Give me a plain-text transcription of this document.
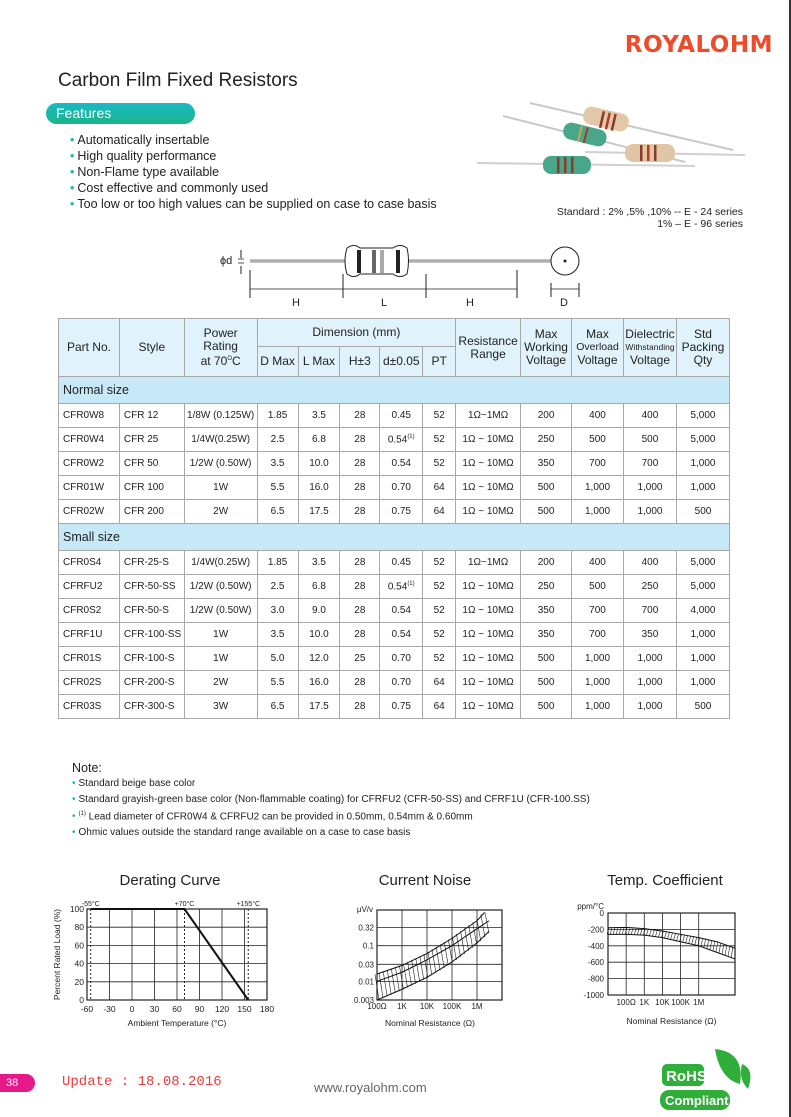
ROYALOHM
Carbon Film Fixed Resistors
Features
• Automatically insertable
• High quality performance
• Non-Flame type available
• Cost effective and commonly used
• Too low or too high values can be supplied on case to case basis
Standard : 2% ,5% ,10% -- E - 24 series
1% – E - 96 series
ϕd
H	L	H	D
Part No.	Style	
Power
Rating
at $70^OC$
	Dimension (mm)	
Resistance
Range

Max
Working
Voltage

Max
Overload
Voltage

Dielectric
Withstanding
Voltage

Std
Packing
Qty

			D Max	L Max	H±3	d±0.05	PT					
Normal size												
CFR0W8	CFR 12	1/8W (0.125W)	1.85	3.5	28	0.45	52	1Ω~1MΩ	200	400	400	5,000
CFR0W4	CFR 25	1/4W(0.25W)	2.5	6.8	28	0.54$^{(1)}$	52	1Ω ~ 10MΩ	250	500	500	5,000
CFR0W2	CFR 50	1/2W (0.50W)	3.5	10.0	28	0.54	52	1Ω ~ 10MΩ	350	700	700	1,000
CFR01W	CFR 100	1W	5.5	16.0	28	0.70	64	1Ω ~ 10MΩ	500	1,000	1,000	1,000
CFR02W	CFR 200	2W	6.5	17.5	28	0.75	64	1Ω ~ 10MΩ	500	1,000	1,000	500
Small size												
CFR0S4	CFR-25-S	1/4W(0.25W)	1.85	3.5	28	0.45	52	1Ω~1MΩ	200	400	400	5,000
CFRFU2	CFR-50-SS	1/2W (0.50W)	2.5	6.8	28	0.54$^{(1)}$	52	1Ω ~ 10MΩ	250	500	250	5,000
CFR0S2	CFR-50-S	1/2W (0.50W)	3.0	9.0	28	0.54	52	1Ω ~ 10MΩ	350	700	700	4,000
CFRF1U	CFR-100-SS	1W	3.5	10.0	28	0.54	52	1Ω ~ 10MΩ	350	700	350	1,000
CFR01S	CFR-100-S	1W	5.0	12.0	25	0.70	52	1Ω ~ 10MΩ	500	1,000	1,000	1,000
CFR02S	CFR-200-S	2W	5.5	16.0	28	0.70	64	1Ω ~ 10MΩ	500	1,000	1,000	1,000
CFR03S	CFR-300-S	3W	6.5	17.5	28	0.75	64	1Ω ~ 10MΩ	500	1,000	1,000	500
Note:
• Standard beige base color
• Standard grayish-green base color (Non-flammable coating) for CFRFU2 (CFR-50-SS) and CFRF1U (CFR-100.SS)
• $^{(1)}$ Lead diameter of CFR0W4 & CFRFU2 can be provided in 0.50mm, 0.54mm & 0.60mm
• Ohmic values outside the standard range available on a case to case basis
Derating Curve
-60 -30 0 30 60 90 120 150 180
0
20
40
60
80
100
-55°C	+70°C	+155°C
Ambient Temperature (°C)
Percent Rated Load (%)
Current Noise
100Ω 1K 10K 100K 1M
0.003
0.01
0.03
0.1
0.32
μV/v
Nominal Resistance (Ω)
Temp. Coefficient
100Ω 1K 10K 100K 1M
0
-200
-400
-600
-800
-1000
ppm/°C
Nominal Resistance (Ω)
38	Update : 18.08.2016	www.royalohm.com
RoHS
Compliant
